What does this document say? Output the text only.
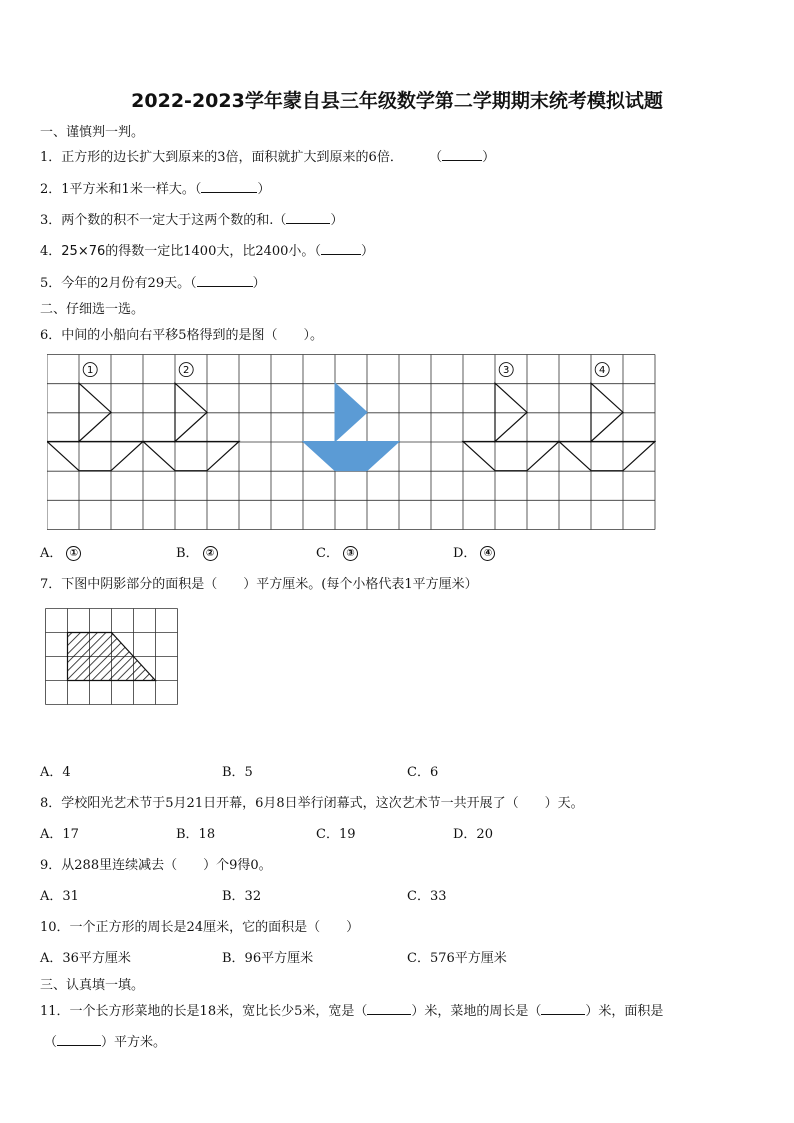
2022-2023学年蒙自县三年级数学第二学期期末统考模拟试题
一、谨慎判一判。
1．正方形的边长扩大到原来的3倍，面积就扩大到原来的6倍． （	）
2．1平方米和1米一样大。（	）
3．两个数的积不一定大于这两个数的和.（	）
4．25×76的得数一定比1400大，比2400小。（	）
5．今年的2月份有29天。（	）
二、仔细选一选。
6．中间的小船向右平移5格得到的是图（　　）。
1	2	3	4
A． ①	B． ②	C． ③	D． ④
7．下图中阴影部分的面积是（　　）平方厘米。(每个小格代表1平方厘米）
A．4	B．5	C．6
8．学校阳光艺术节于5月21日开幕，6月8日举行闭幕式，这次艺术节一共开展了（　　）天。
A．17	B．18	C．19	D．20
9．从288里连续减去（　　）个9得0。
A．31	B．32	C．33
10．一个正方形的周长是24厘米，它的面积是（　　）
A．36平方厘米	B．96平方厘米	C．576平方厘米
三、认真填一填。
11．一个长方形菜地的长是18米，宽比长少5米，宽是（	）米，菜地的周长是（	）米，面积是
（	）平方米。
